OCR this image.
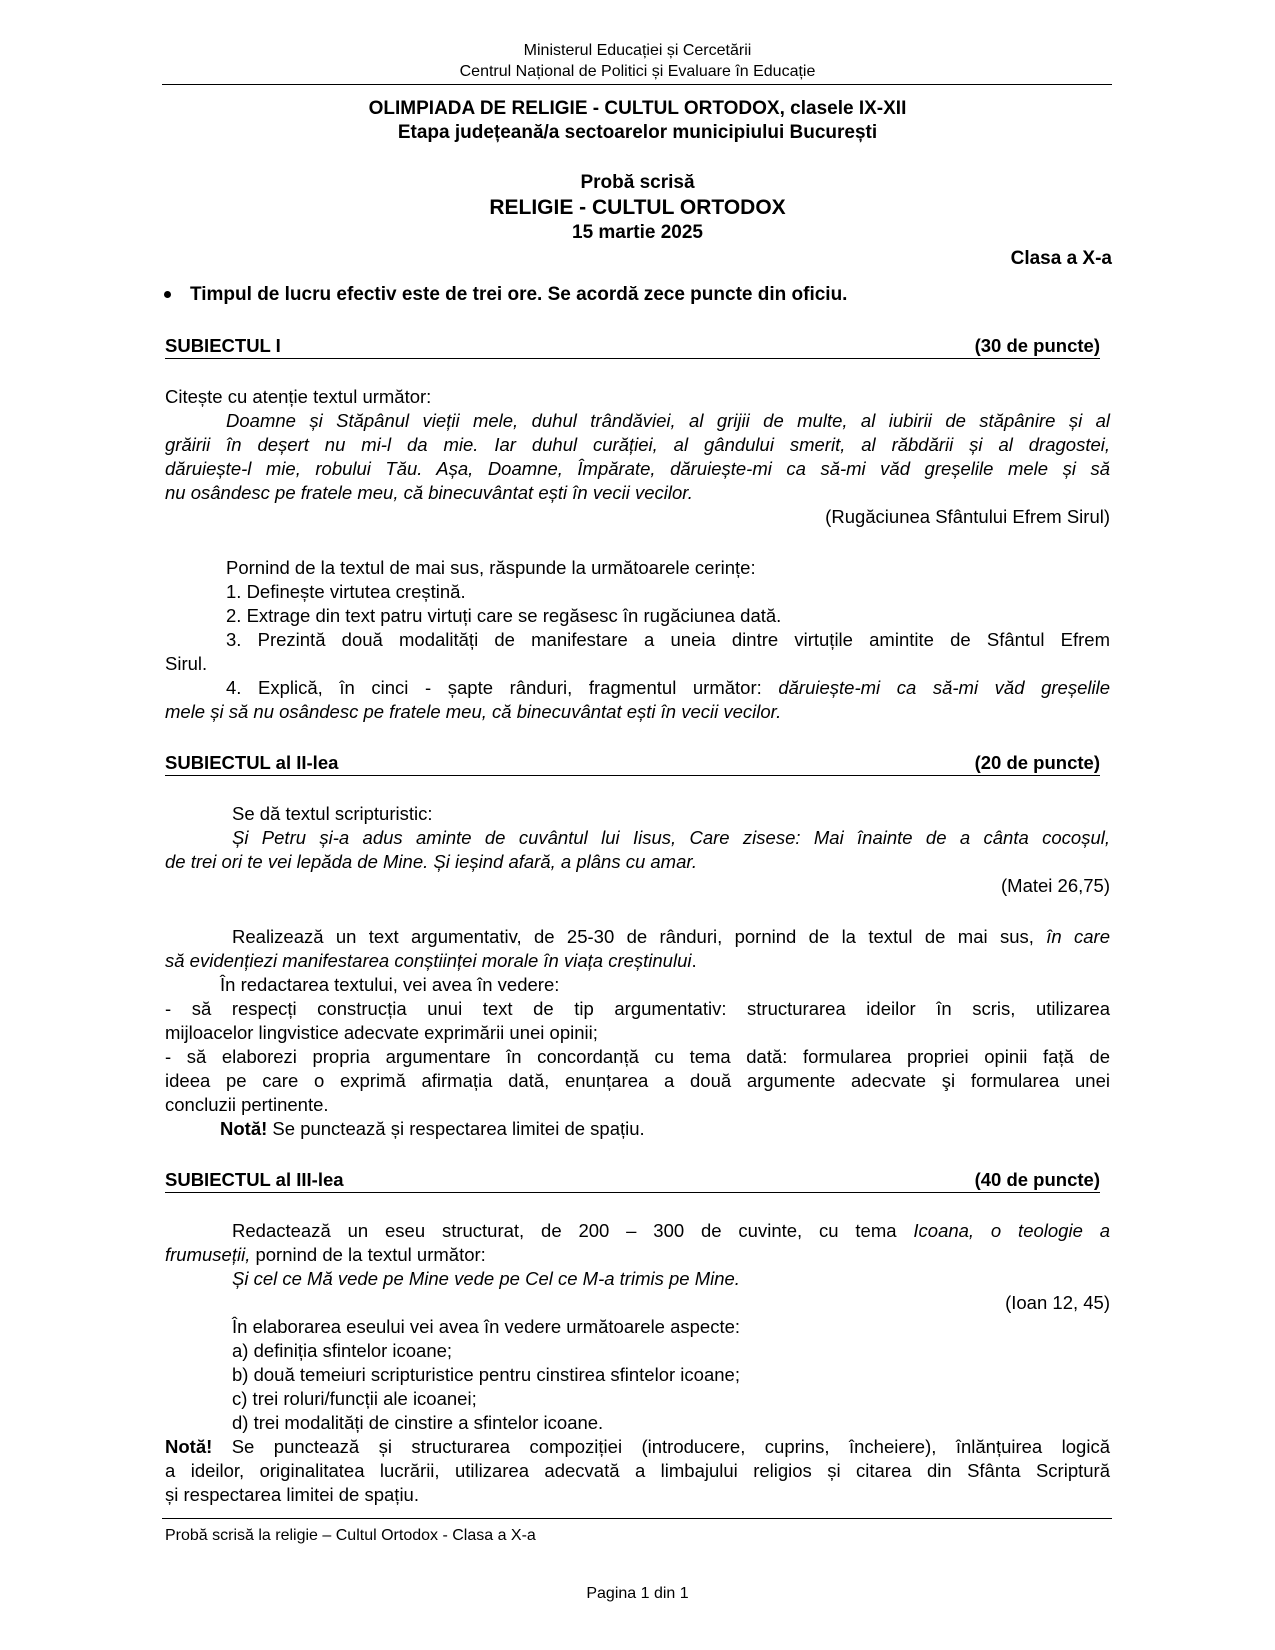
Ministerul Educației și Cercetării
Centrul Național de Politici și Evaluare în Educație
OLIMPIADA DE RELIGIE - CULTUL ORTODOX, clasele IX-XII
Etapa județeană/a sectoarelor municipiului București
Probă scrisă
RELIGIE - CULTUL ORTODOX
15 martie 2025
Clasa a X-a
Timpul de lucru efectiv este de trei ore. Se acordă zece puncte din oficiu.
SUBIECTUL I	(30 de puncte)
Citește cu atenție textul următor:
Doamne și Stăpânul vieții mele, duhul trândăviei, al grijii de multe, al iubirii de stăpânire și al
grăirii în deșert nu mi-l da mie. Iar duhul curăției, al gândului smerit, al răbdării și al dragostei,
dăruiește-l mie, robului Tău. Așa, Doamne, Împărate, dăruiește-mi ca să-mi văd greșelile mele și să
nu osândesc pe fratele meu, că binecuvântat ești în vecii vecilor.
(Rugăciunea Sfântului Efrem Sirul)
Pornind de la textul de mai sus, răspunde la următoarele cerințe:
1. Definește virtutea creștină.
2. Extrage din text patru virtuți care se regăsesc în rugăciunea dată.
3. Prezintă două modalități de manifestare a uneia dintre virtuțile amintite de Sfântul Efrem
Sirul.
4. Explică, în cinci - șapte rânduri, fragmentul următor: dăruiește-mi ca să-mi văd greșelile
mele și să nu osândesc pe fratele meu, că binecuvântat ești în vecii vecilor.
SUBIECTUL al II-lea	(20 de puncte)
Se dă textul scripturistic:
Și Petru și-a adus aminte de cuvântul lui Iisus, Care zisese: Mai înainte de a cânta cocoșul,
de trei ori te vei lepăda de Mine. Și ieșind afară, a plâns cu amar.
(Matei 26,75)
Realizează un text argumentativ, de 25-30 de rânduri, pornind de la textul de mai sus, în care
să evidențiezi manifestarea conștiinței morale în viața creștinului.
În redactarea textului, vei avea în vedere:
- să respecți construcția unui text de tip argumentativ: structurarea ideilor în scris, utilizarea
mijloacelor lingvistice adecvate exprimării unei opinii;
- să elaborezi propria argumentare în concordanță cu tema dată: formularea propriei opinii față de
ideea pe care o exprimă afirmația dată, enunțarea a două argumente adecvate şi formularea unei
concluzii pertinente.
Notă! Se punctează și respectarea limitei de spațiu.
SUBIECTUL al III-lea	(40 de puncte)
Redactează un eseu structurat, de 200 – 300 de cuvinte, cu tema Icoana, o teologie a
frumuseții, pornind de la textul următor:
Și cel ce Mă vede pe Mine vede pe Cel ce M-a trimis pe Mine.
(Ioan 12, 45)
În elaborarea eseului vei avea în vedere următoarele aspecte:
a) definiția sfintelor icoane;
b) două temeiuri scripturistice pentru cinstirea sfintelor icoane;
c) trei roluri/funcții ale icoanei;
d) trei modalități de cinstire a sfintelor icoane.
Notă! Se punctează și structurarea compoziției (introducere, cuprins, încheiere), înlănțuirea logică
a ideilor, originalitatea lucrării, utilizarea adecvată a limbajului religios și citarea din Sfânta Scriptură
și respectarea limitei de spațiu.
Probă scrisă la religie – Cultul Ortodox - Clasa a X-a
Pagina 1 din 1
